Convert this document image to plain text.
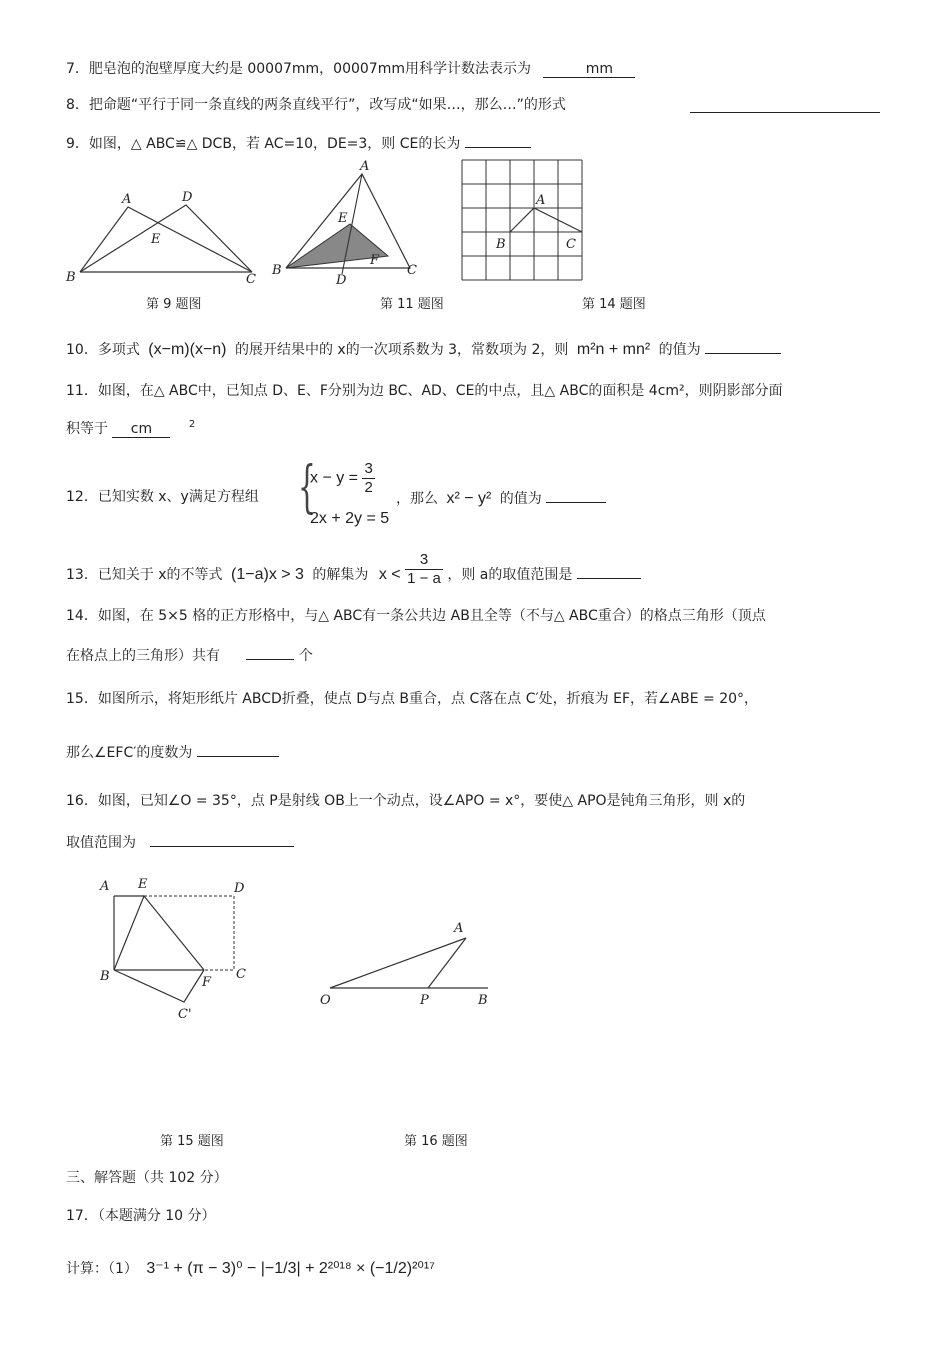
7．肥皂泡的泡壁厚度大约是 00007mm，00007mm用科学计数法表示为	mm
8．把命题“平行于同一条直线的两条直线平行”，改写成“如果…，那么…”的形式
9．如图，△ ABC≌△ DCB，若 AC=10，DE=3，则 CE的长为
A	D
E
B	C
第 9 题图
A
E
F
B
D
C
第 11 题图
A
B	C
第 14 题图
10．多项式 (x−m)(x−n) 的展开结果中的 x的一次项系数为 3，常数项为 2，则 m²n + mn² 的值为
11．如图，在△ ABC中，已知点 D、E、F分别为边 BC、AD、CE的中点，且△ ABC的面积是 4cm²，则阴影部分面
积等于 cm	$^2$
12．已知实数 x、y满足方程组 {
$x - y = \frac{3}{2}$
2x + 2y = 5
，那么 x² − y² 的值为
13．已知关于 x的不等式 (1−a)x > 3 的解集为 $x < \frac{3}{1 - a}$ ，则 a的取值范围是
14．如图，在 5×5 格的正方形格中，与△ ABC有一条公共边 AB且全等（不与△ ABC重合）的格点三角形（顶点
在格点上的三角形）共有	个
15．如图所示，将矩形纸片 ABCD折叠，使点 D与点 B重合，点 C落在点 C′处，折痕为 EF，若∠ABE = 20°，
那么∠EFC′的度数为
16．如图，已知∠O = 35°，点 P是射线 OB上一个动点，设∠APO = x°，要使△ APO是钝角三角形，则 x的
取值范围为
A E	D
B	C
F
C'
A
O	P	B
第 15 题图	第 16 题图
三、解答题（共 102 分）
17．（本题满分 10 分）
计算：（1） 3⁻¹ + (π − 3)⁰ − |−1/3| + 2²⁰¹⁸ × (−1/2)²⁰¹⁷
